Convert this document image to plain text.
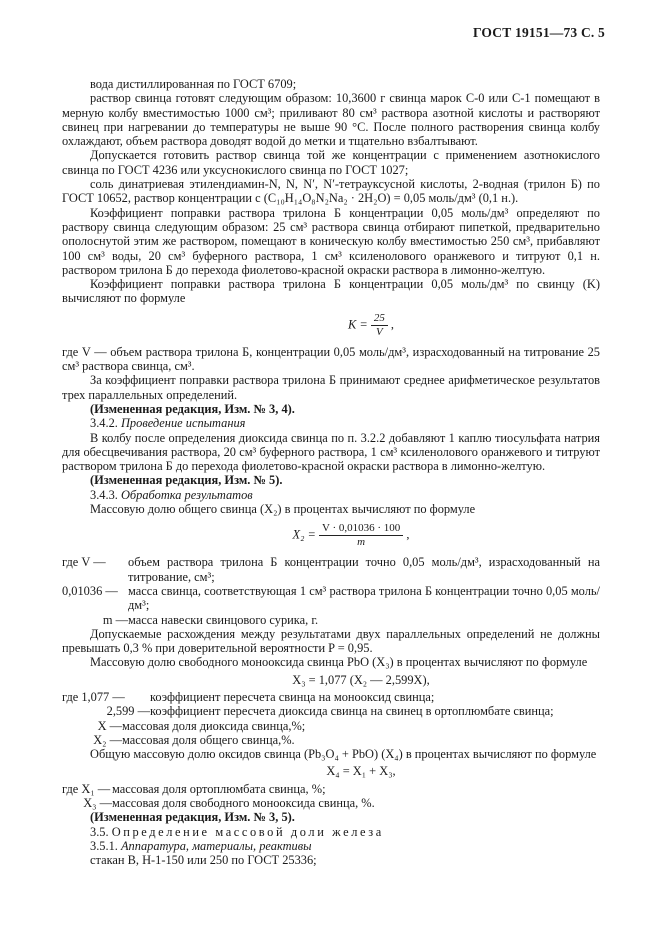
ГОСТ 19151—73 С. 5

вода дистиллированная по ГОСТ 6709;

раствор свинца готовят следующим образом: 10,3600 г свинца марок С-0 или С-1 помещают в мерную колбу вместимостью 1000 см³; приливают 80 см³ раствора азотной кислоты и растворяют свинец при нагревании до температуры не выше 90 °С. После полного растворения свинца колбу охлаждают, объем раствора доводят водой до метки и тщательно взбалтывают.

Допускается готовить раствор свинца той же концентрации с применением азотнокислого свинца по ГОСТ 4236 или уксуснокислого свинца по ГОСТ 1027;

соль динатриевая этилендиамин-N, N, N′, N′-тетрауксусной кислоты, 2-водная (трилон Б) по ГОСТ 10652, раствор концентрации c (C₁₀H₁₄O₈N₂Na₂ · 2H₂O) = 0,05 моль/дм³ (0,1 н.).

Коэффициент поправки раствора трилона Б концентрации 0,05 моль/дм³ определяют по раствору свинца следующим образом: 25 см³ раствора свинца отбирают пипеткой, предварительно ополоснутой этим же раствором, помещают в коническую колбу вместимостью 250 см³, прибавляют 100 см³ воды, 20 см³ буферного раствора, 1 см³ ксиленолового оранжевого и титруют 0,1 н. раствором трилона Б до перехода фиолетово-красной окраски раствора в лимонно-желтую.

Коэффициент поправки раствора трилона Б концентрации 0,05 моль/дм³ по свинцу (K) вычисляют по формуле

$K = \frac{25}{V}$ ,

где V — объем раствора трилона Б, концентрации 0,05 моль/дм³, израсходованный на титрование 25 см³ раствора свинца, см³.

За коэффициент поправки раствора трилона Б принимают среднее арифметическое результатов трех параллельных определений.

(Измененная редакция, Изм. № 3, 4).

3.4.2. Проведение испытания

В колбу после определения диоксида свинца по п. 3.2.2 добавляют 1 каплю тиосульфата натрия для обесцвечивания раствора, 20 см³ буферного раствора, 1 см³ ксиленолового оранжевого и титруют раствором трилона Б до перехода фиолетово-красной окраски раствора в лимонно-желтую.

(Измененная редакция, Изм. № 5).

3.4.3. Обработка результатов

Массовую долю общего свинца (X₂) в процентах вычисляют по формуле

$X_2 = \frac{V \cdot 0,01036 \cdot 100}{m}$ ,
где V —	объем раствора трилона Б концентрации точно 0,05 моль/дм³, израсходованный на титрование, см³;
0,01036 — масса свинца, соответствующая 1 см³ раствора трилона Б концентрации точно 0,05 моль/дм³;
m — масса навески свинцового сурика, г.

Допускаемые расхождения между результатами двух параллельных определений не должны превышать 0,3 % при доверительной вероятности P = 0,95.

Массовую долю свободного монооксида свинца PbO (X₃) в процентах вычисляют по формуле

X₃ = 1,077 (X₂ — 2,599X),
где 1,077 —	коэффициент пересчета свинца на монооксид свинца;
2,599 — коэффициент пересчета диоксида свинца на свинец в ортоплюмбате свинца;
X — массовая доля диоксида свинца,%;
X₂ — массовая доля общего свинца,%.

Общую массовую долю оксидов свинца (Pb₃O₄ + PbO) (X₄) в процентах вычисляют по формуле

X₄ = X₁ + X₃,
где X₁ — массовая доля ортоплюмбата свинца, %;
X₃ — массовая доля свободного монооксида свинца, %.

(Измененная редакция, Изм. № 3, 5).

3.5. Определение массовой доли железа

3.5.1. Аппаратура, материалы, реактивы

стакан В, Н-1-150 или 250 по ГОСТ 25336;
